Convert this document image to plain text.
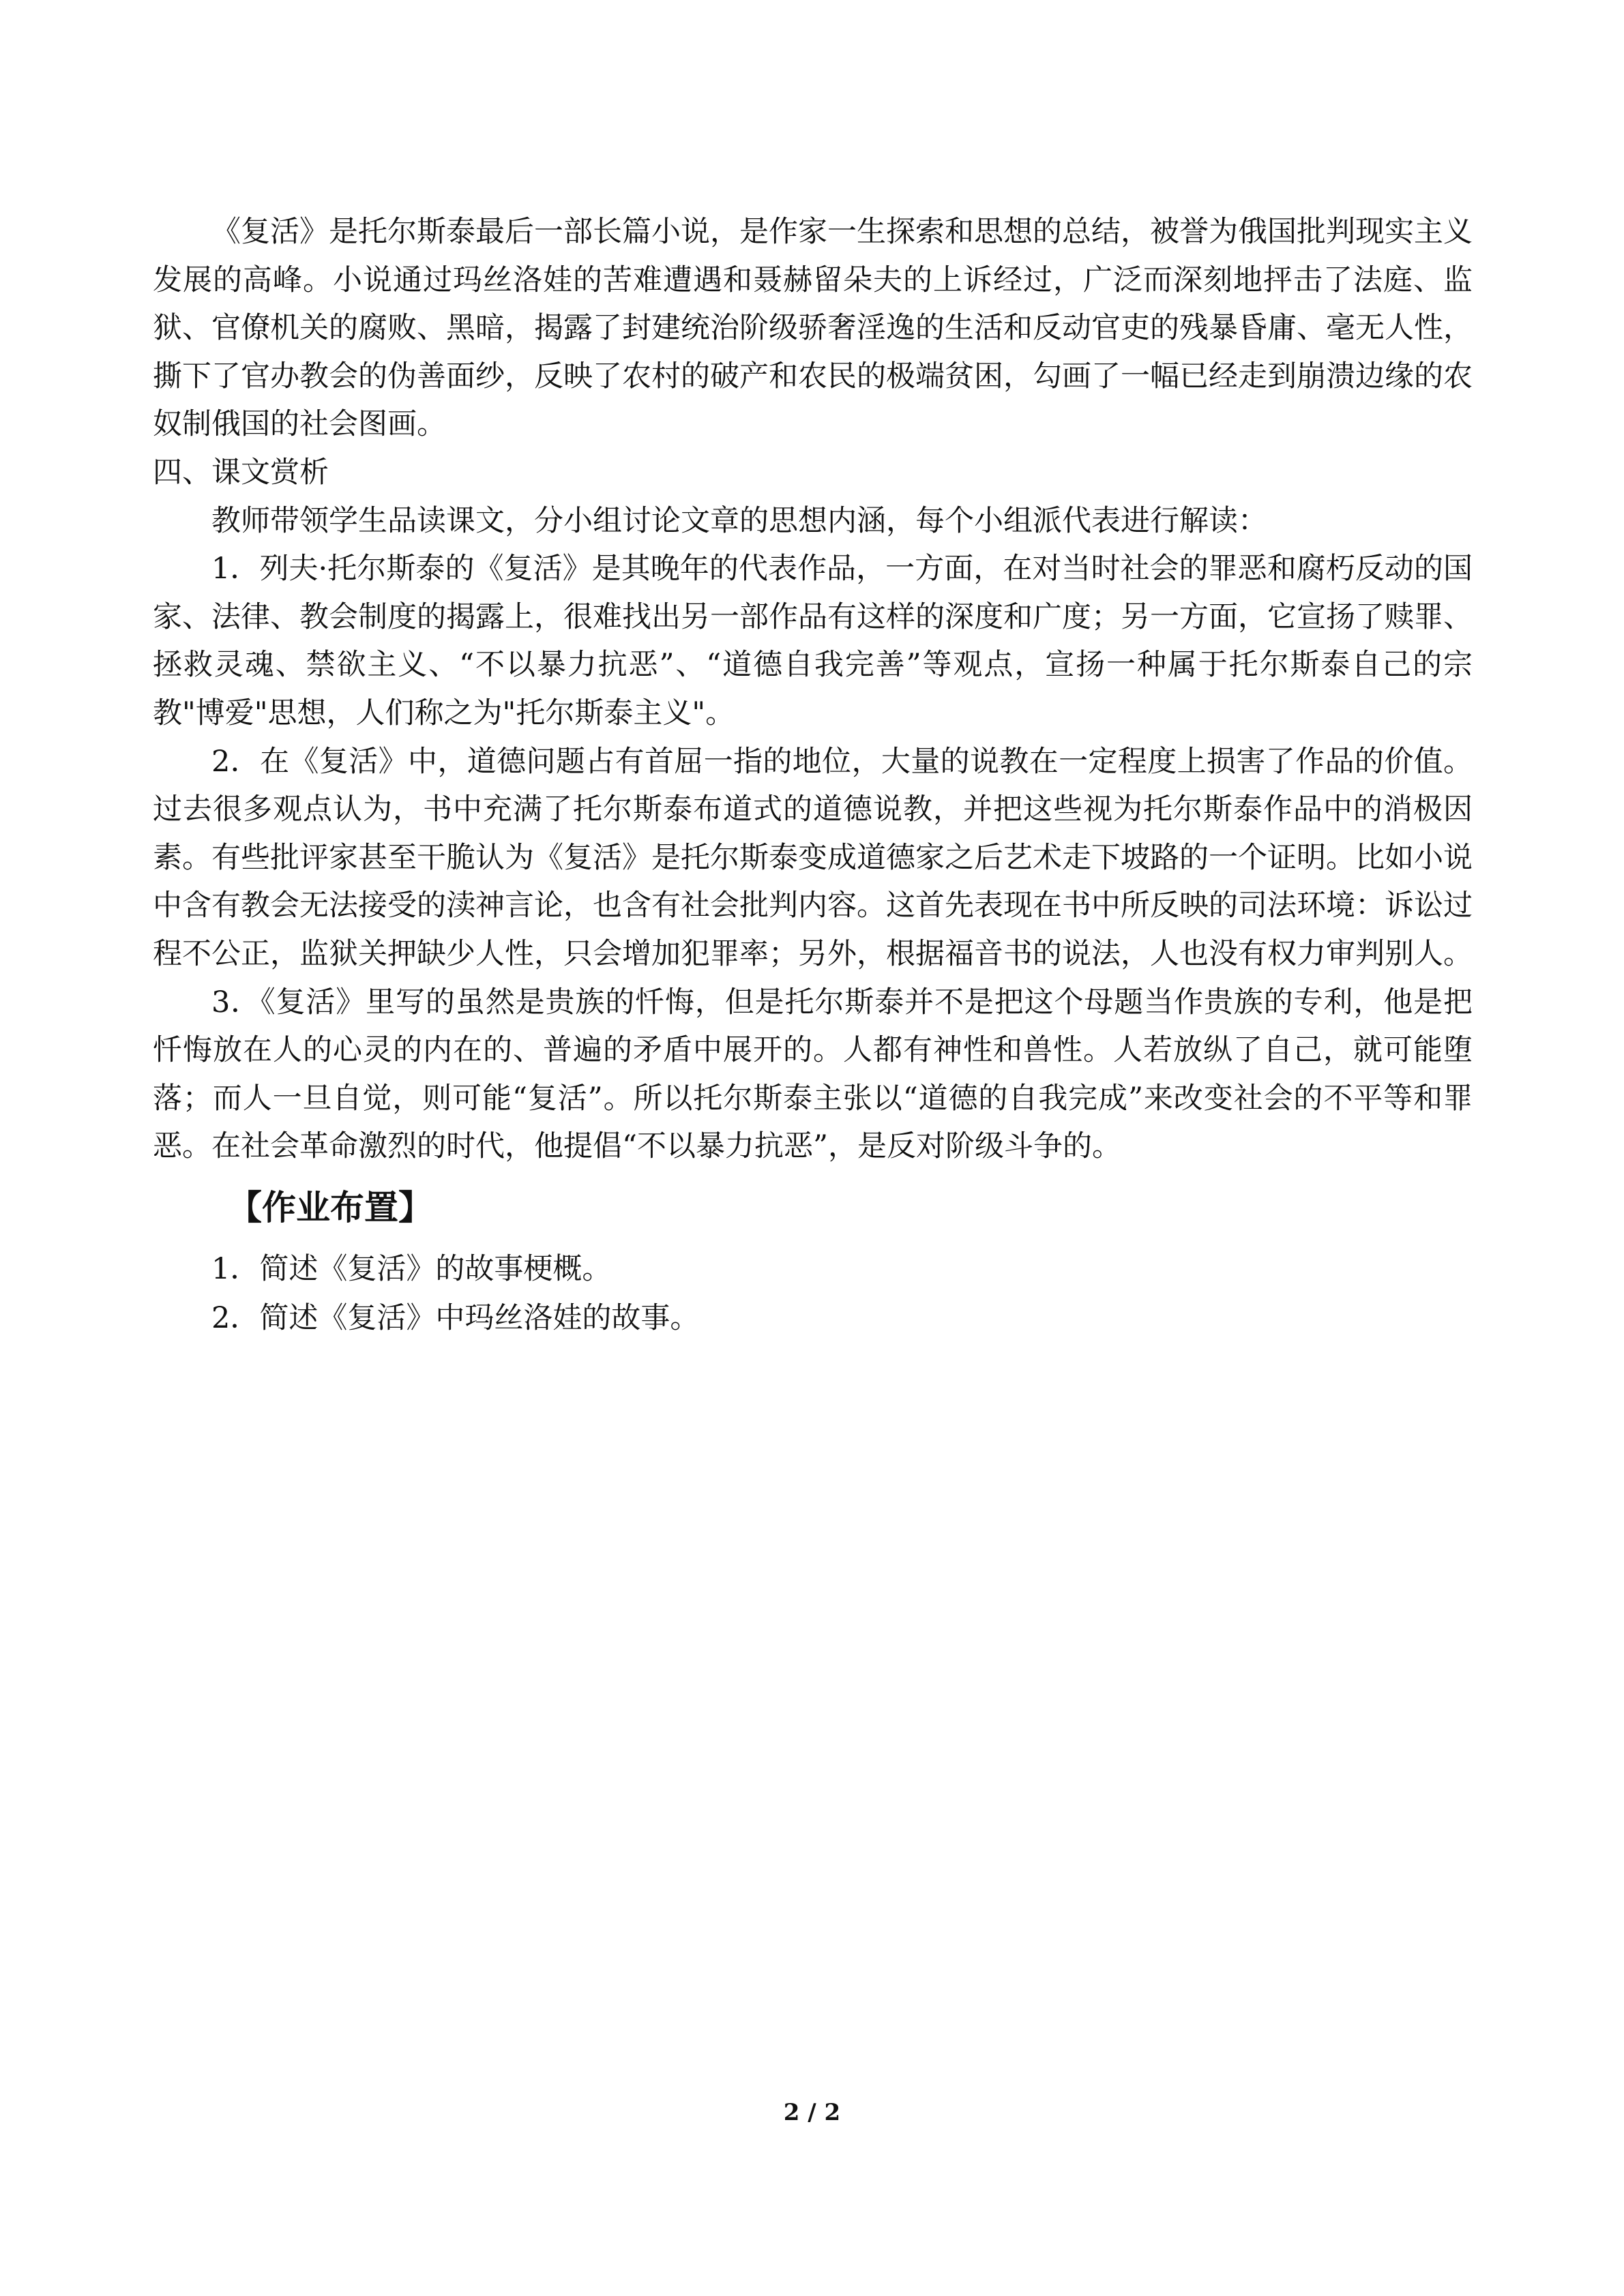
《复活》是托尔斯泰最后一部长篇小说，是作家一生探索和思想的总结，被誉为俄国批判现实主义发展的高峰。小说通过玛丝洛娃的苦难遭遇和聂赫留朵夫的上诉经过，广泛而深刻地抨击了法庭、监狱、官僚机关的腐败、黑暗，揭露了封建统治阶级骄奢淫逸的生活和反动官吏的残暴昏庸、毫无人性，撕下了官办教会的伪善面纱，反映了农村的破产和农民的极端贫困，勾画了一幅已经走到崩溃边缘的农奴制俄国的社会图画。

四、课文赏析

教师带领学生品读课文，分小组讨论文章的思想内涵，每个小组派代表进行解读：

1．列夫·托尔斯泰的《复活》是其晚年的代表作品，一方面，在对当时社会的罪恶和腐朽反动的国家、法律、教会制度的揭露上，很难找出另一部作品有这样的深度和广度；另一方面，它宣扬了赎罪、拯救灵魂、禁欲主义、“不以暴力抗恶”、“道德自我完善”等观点，宣扬一种属于托尔斯泰自己的宗教"博爱"思想，人们称之为"托尔斯泰主义"。

2．在《复活》中，道德问题占有首屈一指的地位，大量的说教在一定程度上损害了作品的价值。过去很多观点认为，书中充满了托尔斯泰布道式的道德说教，并把这些视为托尔斯泰作品中的消极因素。有些批评家甚至干脆认为《复活》是托尔斯泰变成道德家之后艺术走下坡路的一个证明。比如小说中含有教会无法接受的渎神言论，也含有社会批判内容。这首先表现在书中所反映的司法环境：诉讼过程不公正，监狱关押缺少人性，只会增加犯罪率；另外，根据福音书的说法，人也没有权力审判别人。

3．《复活》里写的虽然是贵族的忏悔，但是托尔斯泰并不是把这个母题当作贵族的专利，他是把忏悔放在人的心灵的内在的、普遍的矛盾中展开的。人都有神性和兽性。人若放纵了自己，就可能堕落；而人一旦自觉，则可能“复活”。所以托尔斯泰主张以“道德的自我完成”来改变社会的不平等和罪恶。在社会革命激烈的时代，他提倡“不以暴力抗恶”，是反对阶级斗争的。

【作业布置】

1．简述《复活》的故事梗概。

2．简述《复活》中玛丝洛娃的故事。

2 / 2
